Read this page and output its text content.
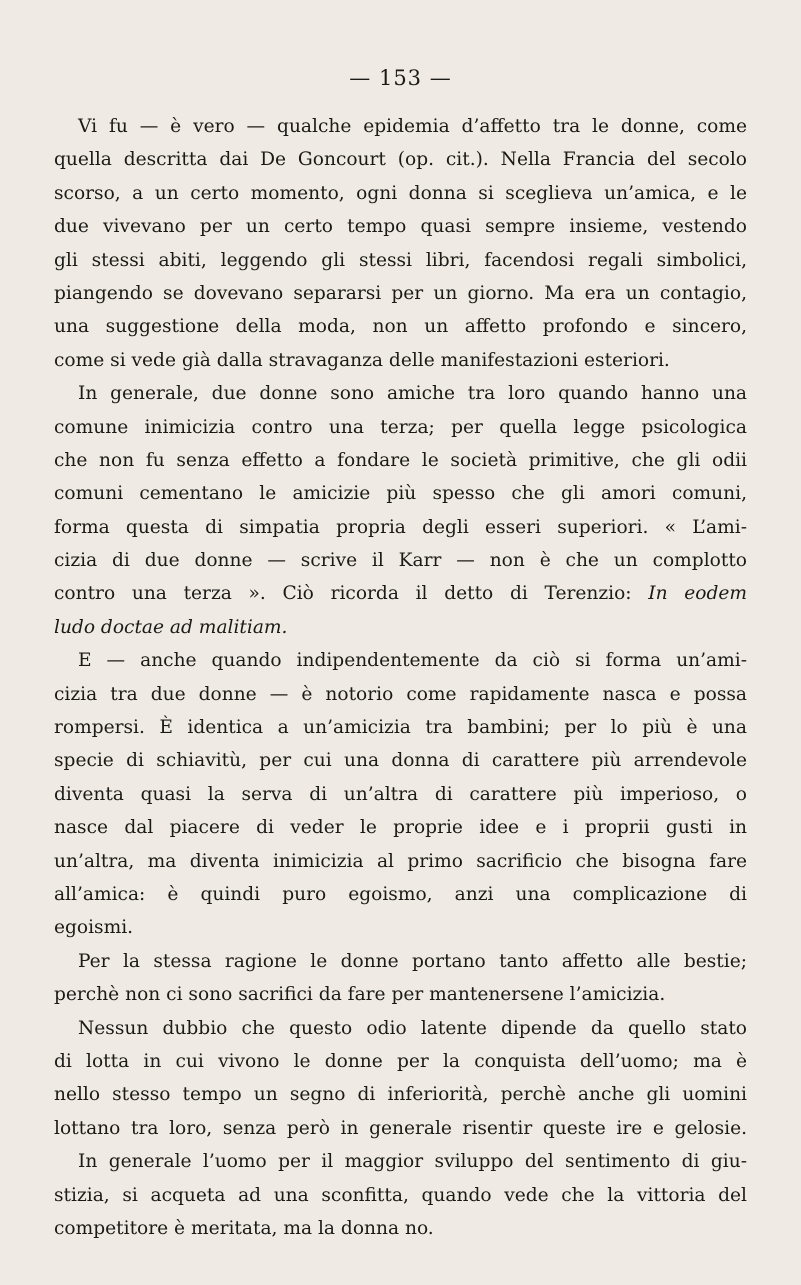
— 153 —
Vi fu — è vero — qualche epidemia d’affetto tra le donne, come
quella descritta dai De Goncourt (op. cit.). Nella Francia del secolo
scorso, a un certo momento, ogni donna si sceglieva un’amica, e le
due vivevano per un certo tempo quasi sempre insieme, vestendo
gli stessi abiti, leggendo gli stessi libri, facendosi regali simbolici,
piangendo se dovevano separarsi per un giorno. Ma era un contagio,
una suggestione della moda, non un affetto profondo e sincero,
come si vede già dalla stravaganza delle manifestazioni esteriori.
In generale, due donne sono amiche tra loro quando hanno una
comune inimicizia contro una terza; per quella legge psicologica
che non fu senza effetto a fondare le società primitive, che gli odii
comuni cementano le amicizie più spesso che gli amori comuni,
forma questa di simpatia propria degli esseri superiori. « L’ami-
cizia di due donne — scrive il Karr — non è che un complotto
contro una terza ». Ciò ricorda il detto di Terenzio: In eodem
ludo doctae ad malitiam.
E — anche quando indipendentemente da ciò si forma un’ami-
cizia tra due donne — è notorio come rapidamente nasca e possa
rompersi. È identica a un’amicizia tra bambini; per lo più è una
specie di schiavitù, per cui una donna di carattere più arrendevole
diventa quasi la serva di un’altra di carattere più imperioso, o
nasce dal piacere di veder le proprie idee e i proprii gusti in
un’altra, ma diventa inimicizia al primo sacrificio che bisogna fare
all’amica: è quindi puro egoismo, anzi una complicazione di
egoismi.
Per la stessa ragione le donne portano tanto affetto alle bestie;
perchè non ci sono sacrifici da fare per mantenersene l’amicizia.
Nessun dubbio che questo odio latente dipende da quello stato
di lotta in cui vivono le donne per la conquista dell’uomo; ma è
nello stesso tempo un segno di inferiorità, perchè anche gli uomini
lottano tra loro, senza però in generale risentir queste ire e gelosie.
In generale l’uomo per il maggior sviluppo del sentimento di giu-
stizia, si acqueta ad una sconfitta, quando vede che la vittoria del
competitore è meritata, ma la donna no.
